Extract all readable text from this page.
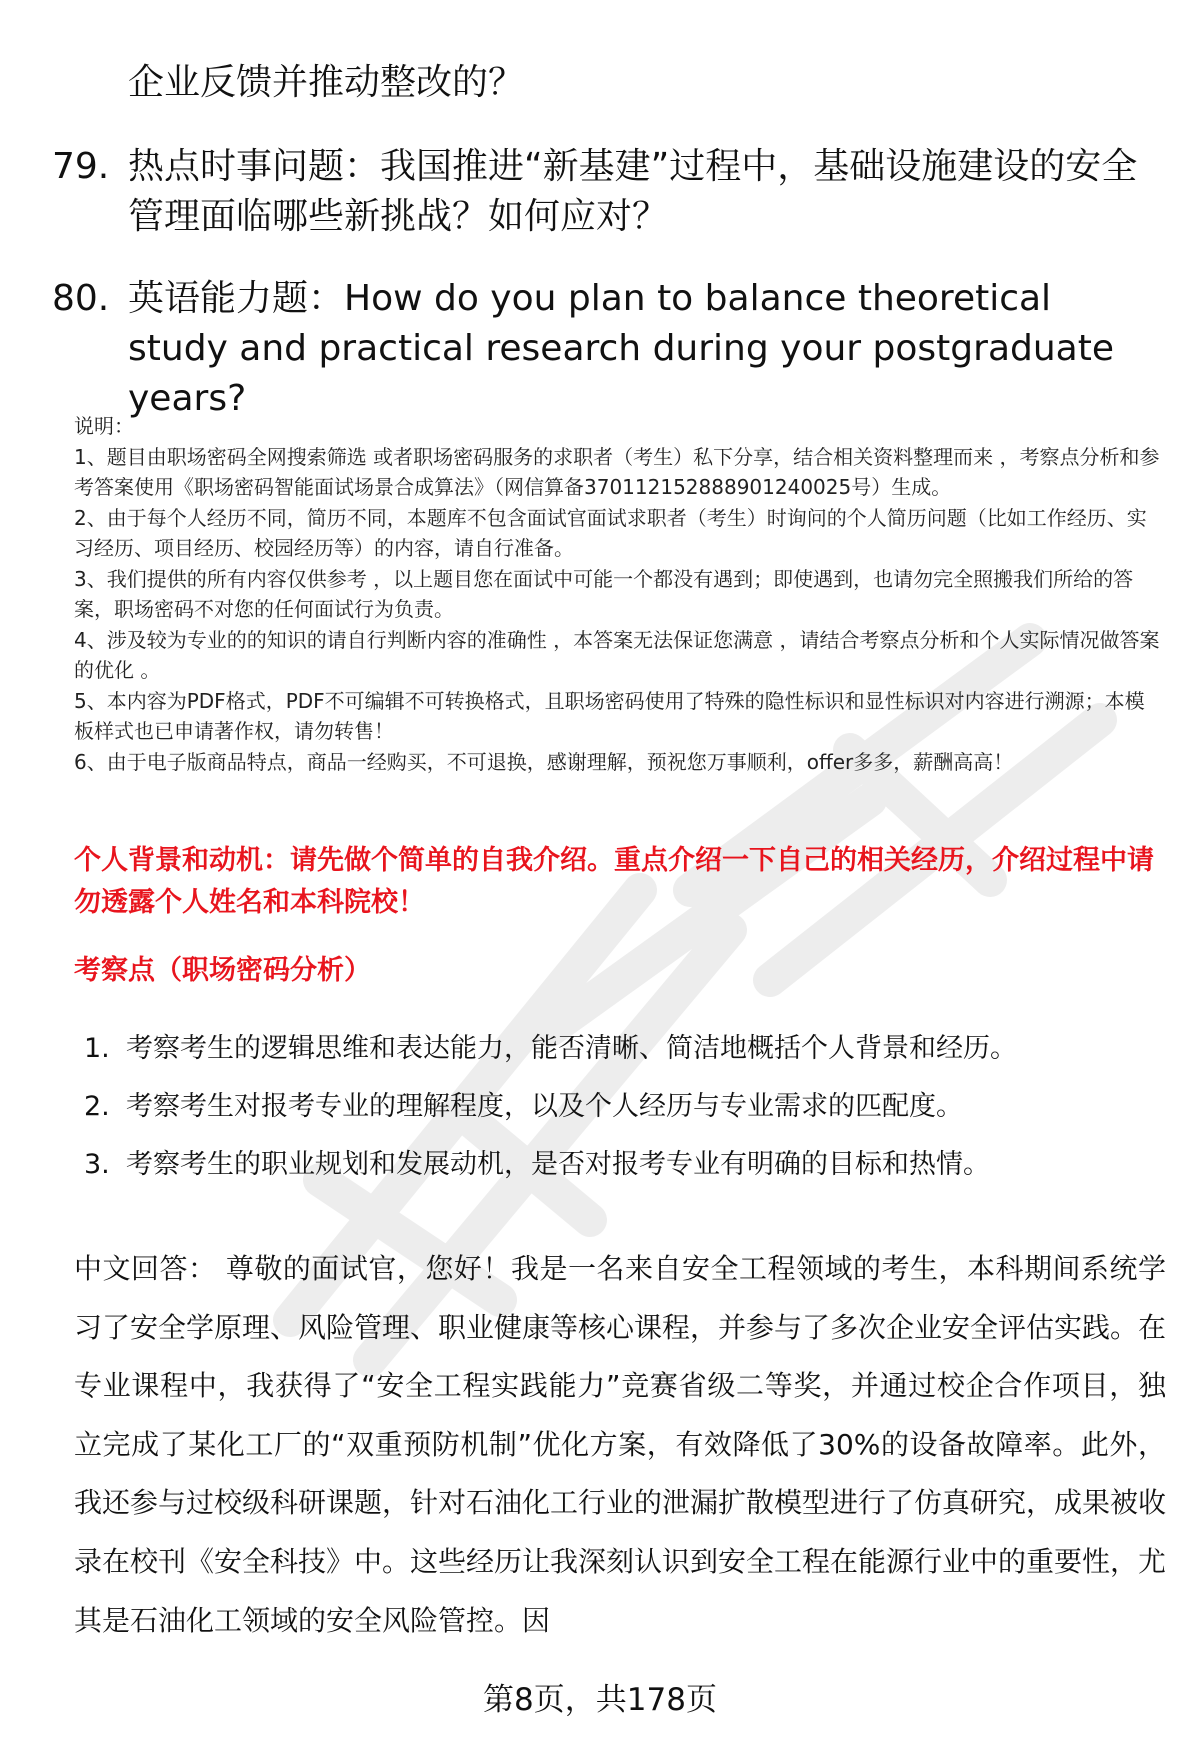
企业反馈并推动整改的？
79. 热点时事问题：我国推进“新基建”过程中，基础设施建设的安全管理面临哪些新挑战？如何应对？
80. 英语能力题：How do you plan to balance theoretical study and practical research during your postgraduate years?

说明：

1、题目由职场密码全网搜索筛选 或者职场密码服务的求职者（考生）私下分享，结合相关资料整理而来 ，考察点分析和参考答案使用《职场密码智能面试场景合成算法》（网信算备370112152888901240025号）生成。

2、由于每个人经历不同，简历不同，本题库不包含面试官面试求职者（考生）时询问的个人简历问题（比如工作经历、实习经历、项目经历、校园经历等）的内容，请自行准备。

3、我们提供的所有内容仅供参考 ，以上题目您在面试中可能一个都没有遇到；即使遇到，也请勿完全照搬我们所给的答案，职场密码不对您的任何面试行为负责。

4、涉及较为专业的的知识的请自行判断内容的准确性 ，本答案无法保证您满意 ，请结合考察点分析和个人实际情况做答案的优化 。

5、本内容为PDF格式，PDF不可编辑不可转换格式，且职场密码使用了特殊的隐性标识和显性标识对内容进行溯源；本模板样式也已申请著作权，请勿转售！

6、由于电子版商品特点，商品一经购买，不可退换，感谢理解，预祝您万事顺利，offer多多，薪酬高高！

个人背景和动机：请先做个简单的自我介绍。重点介绍一下自己的相关经历，介绍过程中请勿透露个人姓名和本科院校！
考察点（职场密码分析）
1. 考察考生的逻辑思维和表达能力，能否清晰、简洁地概括个人背景和经历。
2. 考察考生对报考专业的理解程度，以及个人经历与专业需求的匹配度。
3. 考察考生的职业规划和发展动机，是否对报考专业有明确的目标和热情。
中文回答： 尊敬的面试官，您好！我是一名来自安全工程领域的考生，本科期间系统学习了安全学原理、风险管理、职业健康等核心课程，并参与了多次企业安全评估实践。在专业课程中，我获得了“安全工程实践能力”竞赛省级二等奖，并通过校企合作项目，独立完成了某化工厂的“双重预防机制”优化方案，有效降低了30%的设备故障率。此外，我还参与过校级科研课题，针对石油化工行业的泄漏扩散模型进行了仿真研究，成果被收录在校刊《安全科技》中。这些经历让我深刻认识到安全工程在能源行业中的重要性，尤其是石油化工领域的安全风险管控。因
第8页，共178页
